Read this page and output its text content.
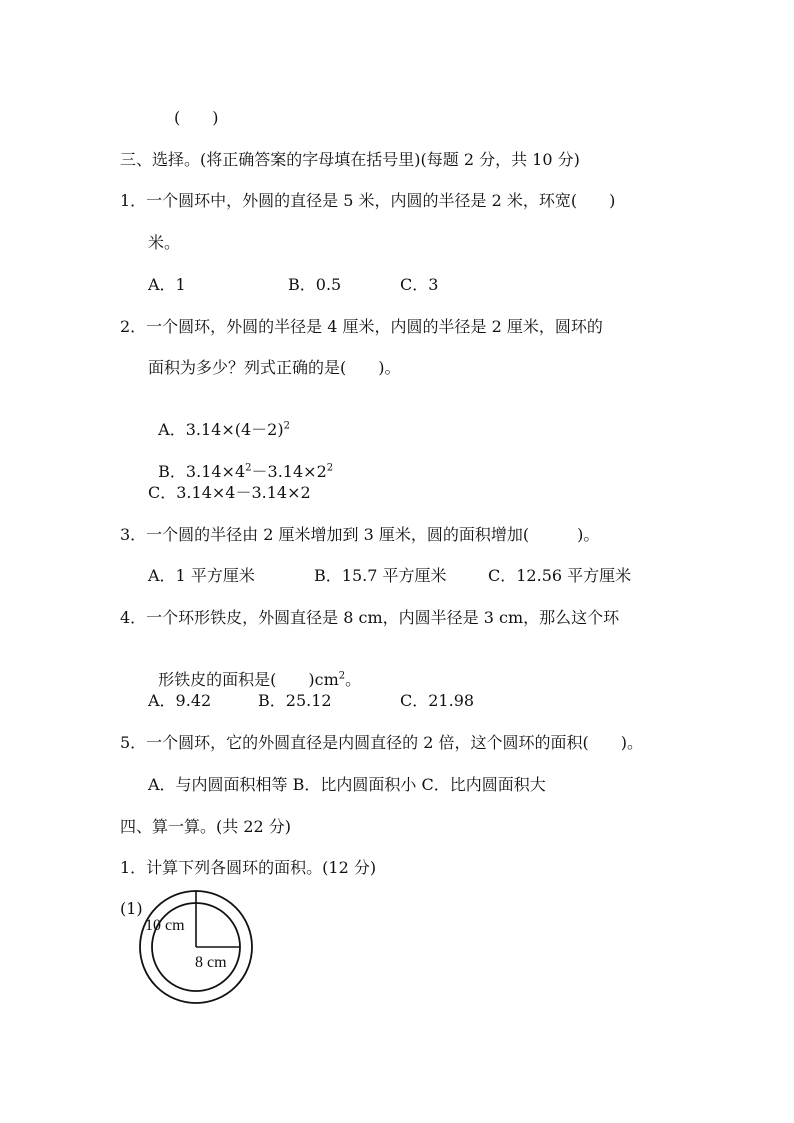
(　　)
三、选择。(将正确答案的字母填在括号里)(每题 2 分，共 10 分)
1．一个圆环中，外圆的直径是 5 米，内圆的半径是 2 米，环宽(　　)
米。
A．1	B．0.5	C．3
2．一个圆环，外圆的半径是 4 厘米，内圆的半径是 2 厘米，圆环的
面积为多少？列式正确的是(　　)。

A．$3.14\times(4-2)^2$

B．$3.14\times 4^2-3.14\times 2^2$

C．3.14×4－3.14×2
3．一个圆的半径由 2 厘米增加到 3 厘米，圆的面积增加(　　　)。
A．1 平方厘米	B．15.7 平方厘米	C．12.56 平方厘米
4．一个环形铁皮，外圆直径是 8 cm，内圆半径是 3 cm，那么这个环

形铁皮的面积是(　　)$cm^2$。

A．9.42	B．25.12	C．21.98
5．一个圆环，它的外圆直径是内圆直径的 2 倍，这个圆环的面积(　　)。
A．与内圆面积相等 B．比内圆面积小 C．比内圆面积大
四、算一算。(共 22 分)
1．计算下列各圆环的面积。(12 分)
(1)
10 cm
8 cm
